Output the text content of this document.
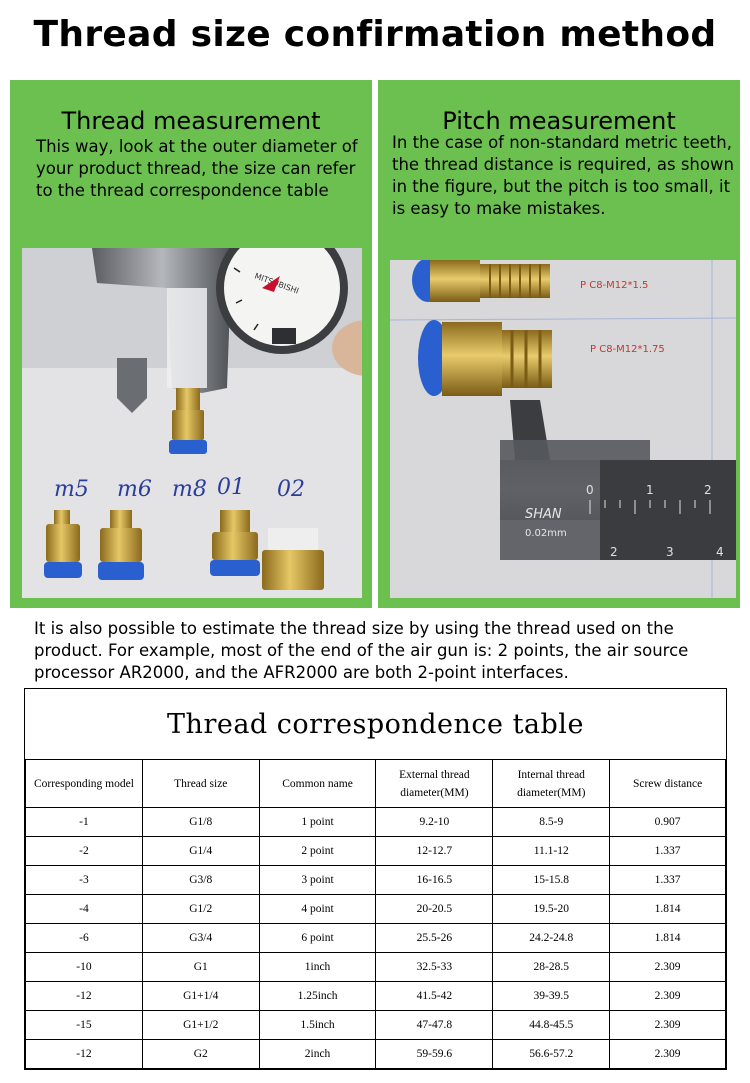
Thread size confirmation method
Thread measurement
This way, look at the outer diameter of your product thread, the size can refer to the thread correspondence table
m5 m6 m8 01 02
Pitch measurement
In the case of non-standard metric teeth, the thread distance is required, as shown in the figure, but the pitch is too small, it is easy to make mistakes.
P C8-M12*1.5
P C8-M12*1.75
SHAN
0.02mm
0	1	2
2	3	4
It is also possible to estimate the thread size by using the thread used on the product. For example, most of the end of the air gun is: 2 points, the air source processor AR2000, and the AFR2000 are both 2-point interfaces.
Thread correspondence table
Corresponding model	Thread size	Common name	External thread diameter(MM)	Internal thread diameter(MM)	Screw distance
-1	G1/8	1 point	9.2-10	8.5-9	0.907
-2	G1/4	2 point	12-12.7	11.1-12	1.337
-3	G3/8	3 point	16-16.5	15-15.8	1.337
-4	G1/2	4 point	20-20.5	19.5-20	1.814
-6	G3/4	6 point	25.5-26	24.2-24.8	1.814
-10	G1	1inch	32.5-33	28-28.5	2.309
-12	G1+1/4	1.25inch	41.5-42	39-39.5	2.309
-15	G1+1/2	1.5inch	47-47.8	44.8-45.5	2.309
-12	G2	2inch	59-59.6	56.6-57.2	2.309
